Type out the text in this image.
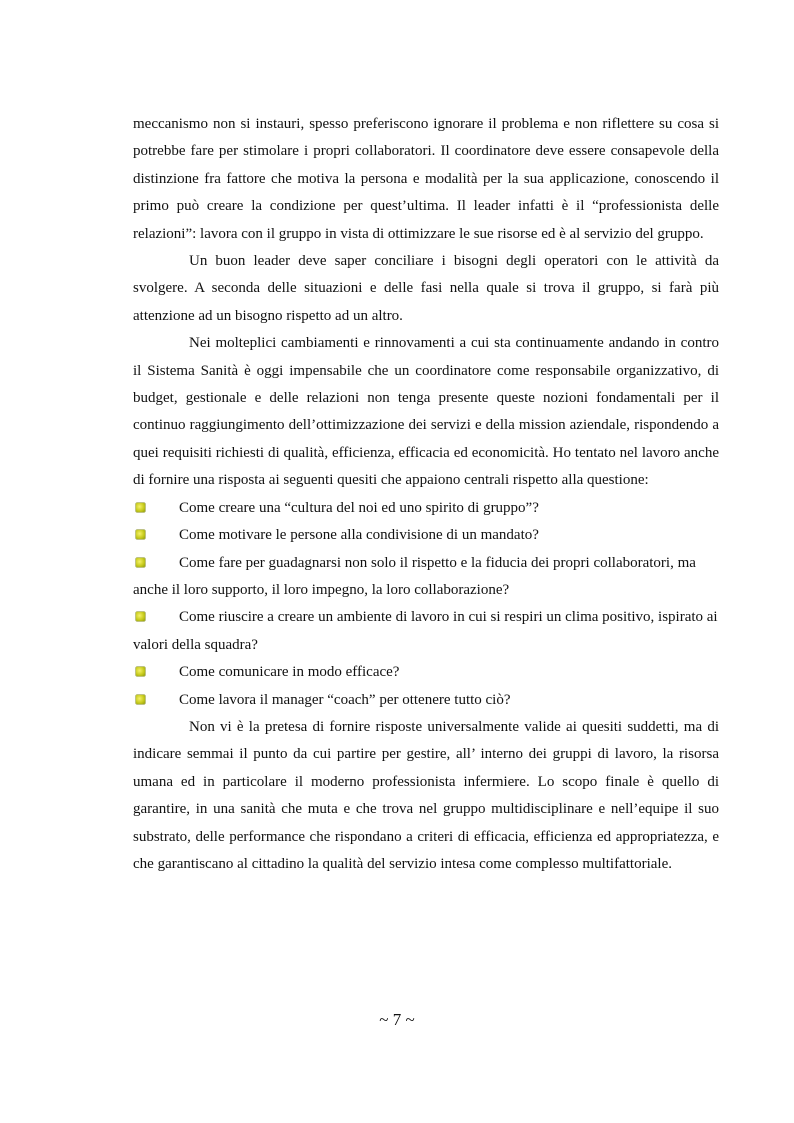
meccanismo non si instauri, spesso preferiscono ignorare il problema e non riflettere su cosa si potrebbe fare per stimolare i propri collaboratori. Il coordinatore deve essere consapevole della distinzione fra fattore che motiva la persona e modalità per la sua applicazione, conoscendo il primo può creare la condizione per quest’ultima. Il leader infatti è il “professionista delle relazioni”: lavora con il gruppo in vista di ottimizzare le sue risorse ed è al servizio del gruppo.

Un buon leader deve saper conciliare i bisogni degli operatori con le attività da svolgere. A seconda delle situazioni e delle fasi nella quale si trova il gruppo, si farà più attenzione ad un bisogno rispetto ad un altro.

Nei molteplici cambiamenti e rinnovamenti a cui sta continuamente andando in contro il Sistema Sanità è oggi impensabile che un coordinatore come responsabile organizzativo, di budget, gestionale e delle relazioni non tenga presente queste nozioni fondamentali per il continuo raggiungimento dell’ottimizzazione dei servizi e della mission aziendale, rispondendo a quei requisiti richiesti di qualità, efficienza, efficacia ed economicità. Ho tentato nel lavoro anche di fornire una risposta ai seguenti quesiti che appaiono centrali rispetto alla questione:

Come creare una “cultura del noi ed uno spirito di gruppo”?
Come motivare le persone alla condivisione di un mandato?
Come fare per guadagnarsi non solo il rispetto e la fiducia dei propri collaboratori, ma anche il loro supporto, il loro impegno, la loro collaborazione?
Come riuscire a creare un ambiente di lavoro in cui si respiri un clima positivo, ispirato ai valori della squadra?
Come comunicare in modo efficace?
Come lavora il manager “coach” per ottenere tutto ciò?

Non vi è la pretesa di fornire risposte universalmente valide ai quesiti suddetti, ma di indicare semmai il punto da cui partire per gestire, all’ interno dei gruppi di lavoro, la risorsa umana ed in particolare il moderno professionista infermiere. Lo scopo finale è quello di garantire, in una sanità che muta e che trova nel gruppo multidisciplinare e nell’equipe il suo substrato, delle performance che rispondano a criteri di efficacia, efficienza ed appropriatezza, e che garantiscano al cittadino la qualità del servizio intesa come complesso multifattoriale.

~ 7 ~
